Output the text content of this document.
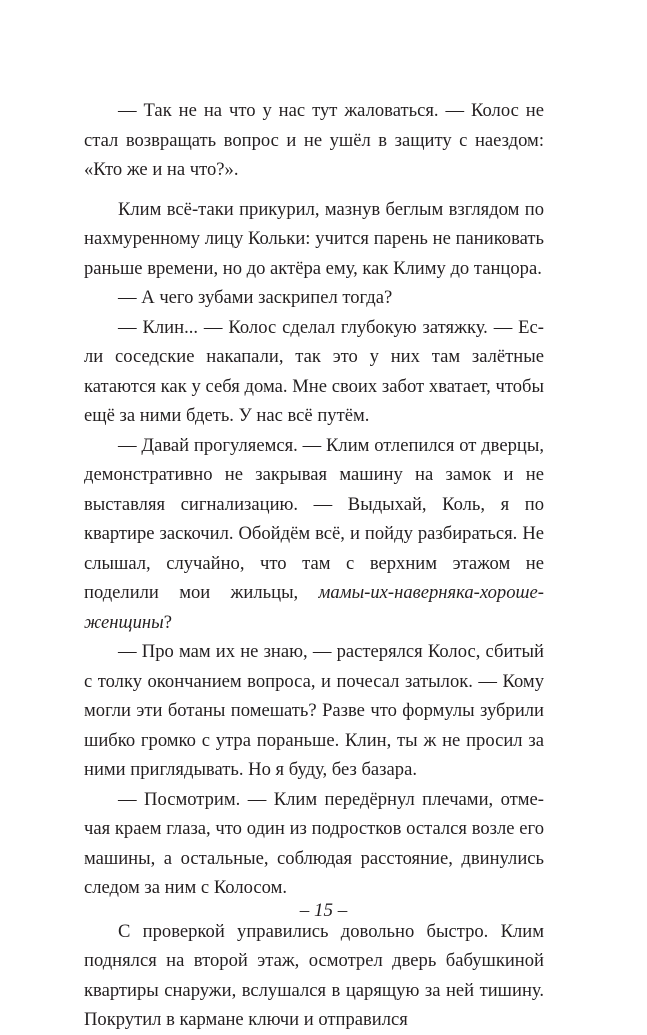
— Так не на что у нас тут жаловаться. — Колос не стал возвращать вопрос и не ушёл в защиту с наездом: «Кто же и на что?».

Клим всё-таки прикурил, мазнув беглым взглядом по нахмуренному лицу Кольки: учится парень не паниковать раньше времени, но до актёра ему, как Климу до танцора.

— А чего зубами заскрипел тогда?

— Клин... — Колос сделал глубокую затяжку. — Если соседские накапали, так это у них там залётные катаются как у себя дома. Мне своих забот хватает, чтобы ещё за ними бдеть. У нас всё путём.

— Давай прогуляемся. — Клим отлепился от дверцы, демонстративно не закрывая машину на замок и не выставляя сигнализацию. — Выдыхай, Коль, я по квартире заскочил. Обойдём всё, и пойду разбираться. Не слышал, случайно, что там с верхним этажом не поделили мои жильцы, мамы-их-наверняка-хороше-женщины?

— Про мам их не знаю, — растерялся Колос, сбитый с толку окончанием вопроса, и почесал затылок. — Кому могли эти ботаны помешать? Разве что формулы зубрили шибко громко с утра пораньше. Клин, ты ж не просил за ними приглядывать. Но я буду, без базара.

— Посмотрим. — Клим передёрнул плечами, отмечая краем глаза, что один из подростков остался возле его машины, а остальные, соблюдая расстояние, двинулись следом за ним с Колосом.

С проверкой управились довольно быстро. Клим поднялся на второй этаж, осмотрел дверь бабушкиной квартиры снаружи, вслушался в царящую за ней тишину. Покрутил в кармане ключи и отправился

– 15 –
